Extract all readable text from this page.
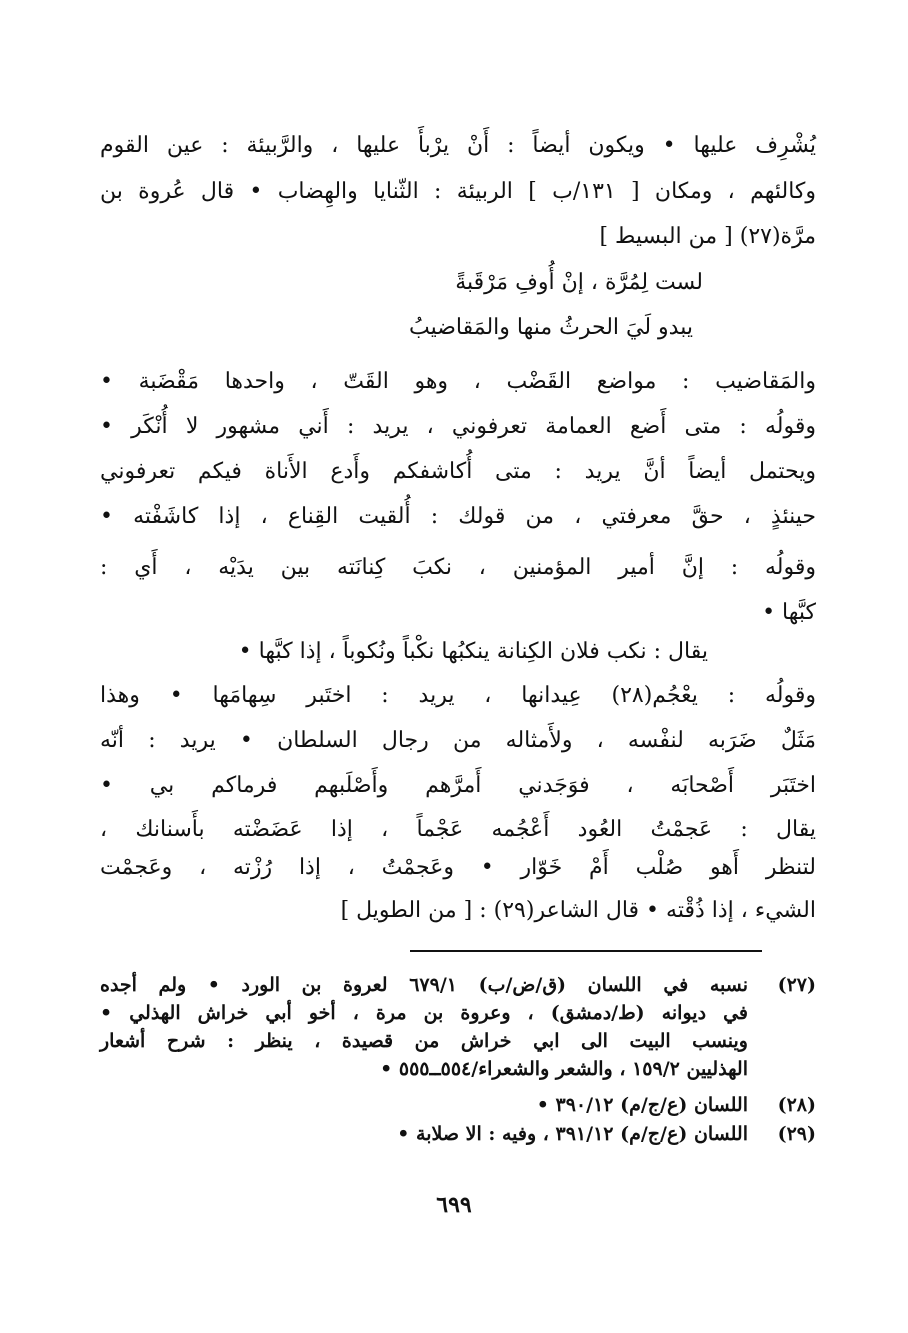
يُشْرِف عليها • ويكون أيضاً : أَنْ يرْبأَ عليها ، والرَّبيئة : عين القوم
وكالئهم ، ومكان [ ١٣١/ب ] الربيئة : الثّنايا والهِضاب • قال عُروة بن
مرَّة(٢٧) [ من البسيط ]
لست لِمُرَّة ، إنْ أُوفِ مَرْقَبةً
يبدو لَيَ الحرثُ منها والمَقاضيبُ
والمَقاضيب : مواضع القَضْب ، وهو القَتّ ، واحدها مَقْضَبة •
وقولُه : متى أَضع العمامة تعرفوني ، يريد : أَني مشهور لا أُنْكَر •
ويحتمل أيضاً أنَّ يريد : متى أُكاشفكم وأَدع الأَناة فيكم تعرفوني
حينئذٍ ، حقَّ معرفتي ، من قولك : أُلقيت القِناع ، إذا كاشَفْته •
وقولُه : إنَّ أمير المؤمنين ، نكبَ كِنانَته بين يدَيْه ، أَي :
كبَّها •
يقال : نكب فلان الكِنانة ينكبُها نكْباً ونُكوباً ، إذا كبَّها •
وقولُه : يعْجُم(٢٨) عِيدانها ، يريد : اختَبر سِهامَها • وهذا
مَثَلٌ ضَرَبه لنفْسه ، ولأَمثاله من رجال السلطان • يريد : أنّه
اختَبَر أَصْحابَه ، فوَجَدني أَمرَّهم وأَصْلَبهم فرماكم بي •
يقال : عَجمْتُ العُود أَعْجُمه عَجْماً ، إذا عَضَضْته بأَسنانك ،
لتنظر أَهو صُلْب أَمْ خَوّار • وعَجمْتُ ، إذا رُزْته ، وعَجمْت
الشيء ، إذا ذُقْته • قال الشاعر(٢٩) : [ من الطويل ]
(٢٧)
نسبه في اللسان (ق/ض/ب) ٦٧٩/١ لعروة بن الورد • ولم أجده
في ديوانه (ط/دمشق) ، وعروة بن مرة ، أخو أبي خراش الهذلي •
وينسب البيت الى ابي خراش من قصيدة ، ينظر : شرح أشعار
الهذليين ١٥٩/٢ ، والشعر والشعراء/٥٥٤ــ٥٥٥ •
(٢٨)
اللسان (ع/ج/م) ٣٩٠/١٢ •
(٢٩)
اللسان (ع/ج/م) ٣٩١/١٢ ، وفيه : الا صلابة •
٦٩٩
